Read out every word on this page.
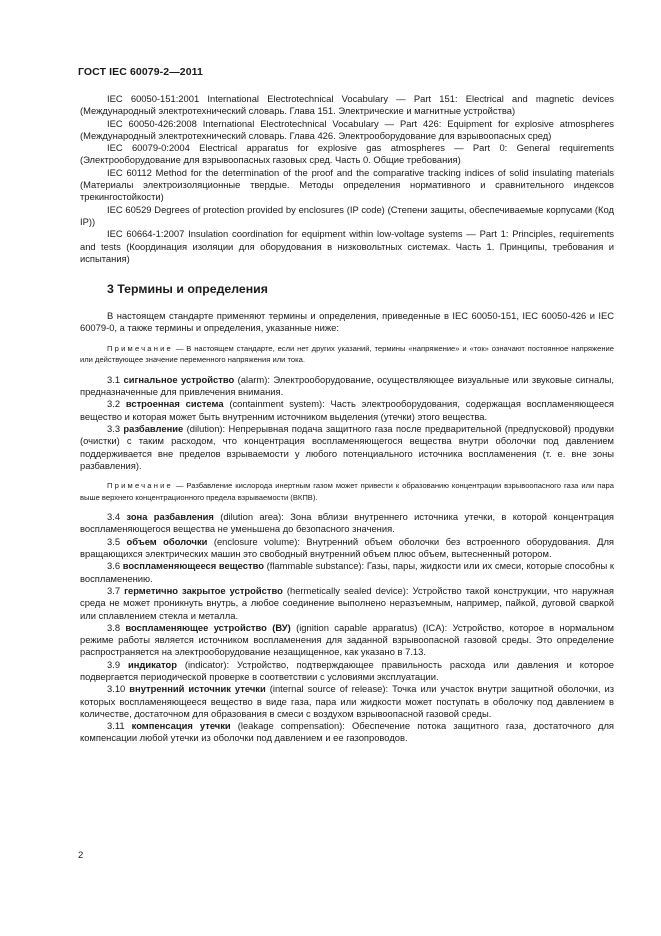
ГОСТ IEC 60079-2—2011

IEC 60050-151:2001 International Electrotechnical Vocabulary — Part 151: Electrical and magnetic devices (Международный электротехнический словарь. Глава 151. Электрические и магнитные устройства)

IEC 60050-426:2008 International Electrotechnical Vocabulary — Part 426: Equipment for explosive atmospheres (Международный электротехнический словарь. Глава 426. Электрооборудование для взрывоопасных сред)

IEC 60079-0:2004 Electrical apparatus for explosive gas atmospheres — Part 0: General requirements (Электрооборудование для взрывоопасных газовых сред. Часть 0. Общие требования)

IEC 60112 Method for the determination of the proof and the comparative tracking indices of solid insulating materials (Материалы электроизоляционные твердые. Методы определения нормативного и сравнительного индексов трекингостойкости)

IEC 60529 Degrees of protection provided by enclosures (IP code) (Степени защиты, обеспечиваемые корпусами (Код IP))

IEC 60664-1:2007 Insulation coordination for equipment within low-voltage systems — Part 1: Principles, requirements and tests (Координация изоляции для оборудования в низковольтных системах. Часть 1. Принципы, требования и испытания)

3 Термины и определения

В настоящем стандарте применяют термины и определения, приведенные в IEC 60050-151, IEC 60050-426 и IEC 60079-0, а также термины и определения, указанные ниже:

Примечание — В настоящем стандарте, если нет других указаний, термины «напряжение» и «ток» означают постоянное напряжение или действующее значение переменного напряжения или тока.

3.1 сигнальное устройство (alarm): Электрооборудование, осуществляющее визуальные или звуковые сигналы, предназначенные для привлечения внимания.

3.2 встроенная система (containment system): Часть электрооборудования, содержащая воспламеняющееся вещество и которая может быть внутренним источником выделения (утечки) этого вещества.

3.3 разбавление (dilution): Непрерывная подача защитного газа после предварительной (предпусковой) продувки (очистки) с таким расходом, что концентрация воспламеняющегося вещества внутри оболочки под давлением поддерживается вне пределов взрываемости у любого потенциального источника воспламенения (т. е. вне зоны разбавления).

Примечание — Разбавление кислорода инертным газом может привести к образованию концентрации взрывоопасного газа или пара выше верхнего концентрационного предела взрываемости (ВКПВ).

3.4 зона разбавления (dilution area): Зона вблизи внутреннего источника утечки, в которой концентрация воспламеняющегося вещества не уменьшена до безопасного значения.

3.5 объем оболочки (enclosure volume): Внутренний объем оболочки без встроенного оборудования. Для вращающихся электрических машин это свободный внутренний объем плюс объем, вытесненный ротором.

3.6 воспламеняющееся вещество (flammable substance): Газы, пары, жидкости или их смеси, которые способны к воспламенению.

3.7 герметично закрытое устройство (hermetically sealed device): Устройство такой конструкции, что наружная среда не может проникнуть внутрь, а любое соединение выполнено неразъемным, например, пайкой, дуговой сваркой или сплавлением стекла и металла.

3.8 воспламеняющее устройство (ВУ) (ignition capable apparatus) (ICA): Устройство, которое в нормальном режиме работы является источником воспламенения для заданной взрывоопасной газовой среды. Это определение распространяется на электрооборудование незащищенное, как указано в 7.13.

3.9 индикатор (indicator): Устройство, подтверждающее правильность расхода или давления и которое подвергается периодической проверке в соответствии с условиями эксплуатации.

3.10 внутренний источник утечки (internal source of release): Точка или участок внутри защитной оболочки, из которых воспламеняющееся вещество в виде газа, пара или жидкости может поступать в оболочку под давлением в количестве, достаточном для образования в смеси с воздухом взрывоопасной газовой среды.

3.11 компенсация утечки (leakage compensation): Обеспечение потока защитного газа, достаточного для компенсации любой утечки из оболочки под давлением и ее газопроводов.

2
